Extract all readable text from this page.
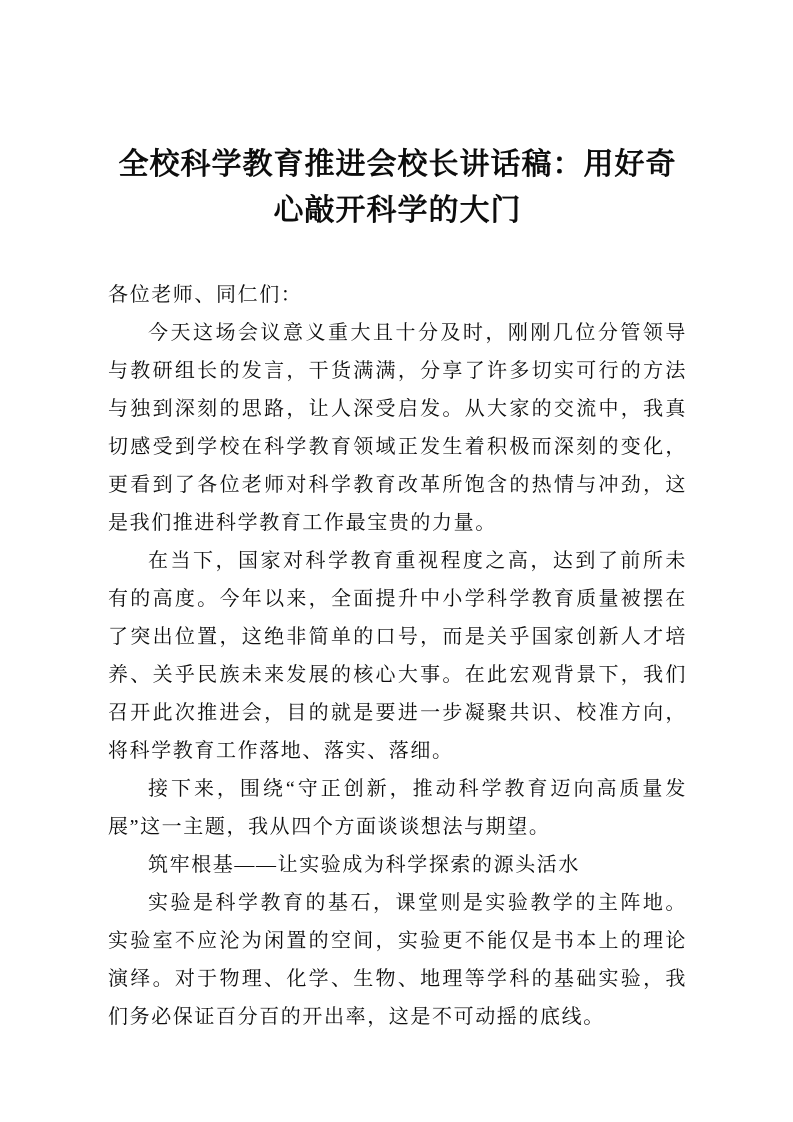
全校科学教育推进会校长讲话稿：用好奇心敲开科学的大门

各位老师、同仁们：

今天这场会议意义重大且十分及时，刚刚几位分管领导与教研组长的发言，干货满满，分享了许多切实可行的方法与独到深刻的思路，让人深受启发。从大家的交流中，我真切感受到学校在科学教育领域正发生着积极而深刻的变化，更看到了各位老师对科学教育改革所饱含的热情与冲劲，这是我们推进科学教育工作最宝贵的力量。

在当下，国家对科学教育重视程度之高，达到了前所未有的高度。今年以来，全面提升中小学科学教育质量被摆在了突出位置，这绝非简单的口号，而是关乎国家创新人才培养、关乎民族未来发展的核心大事。在此宏观背景下，我们召开此次推进会，目的就是要进一步凝聚共识、校准方向，将科学教育工作落地、落实、落细。

接下来，围绕“守正创新，推动科学教育迈向高质量发展”这一主题，我从四个方面谈谈想法与期望。

筑牢根基——让实验成为科学探索的源头活水

实验是科学教育的基石，课堂则是实验教学的主阵地。实验室不应沦为闲置的空间，实验更不能仅是书本上的理论演绎。对于物理、化学、生物、地理等学科的基础实验，我们务必保证百分百的开出率，这是不可动摇的底线。
